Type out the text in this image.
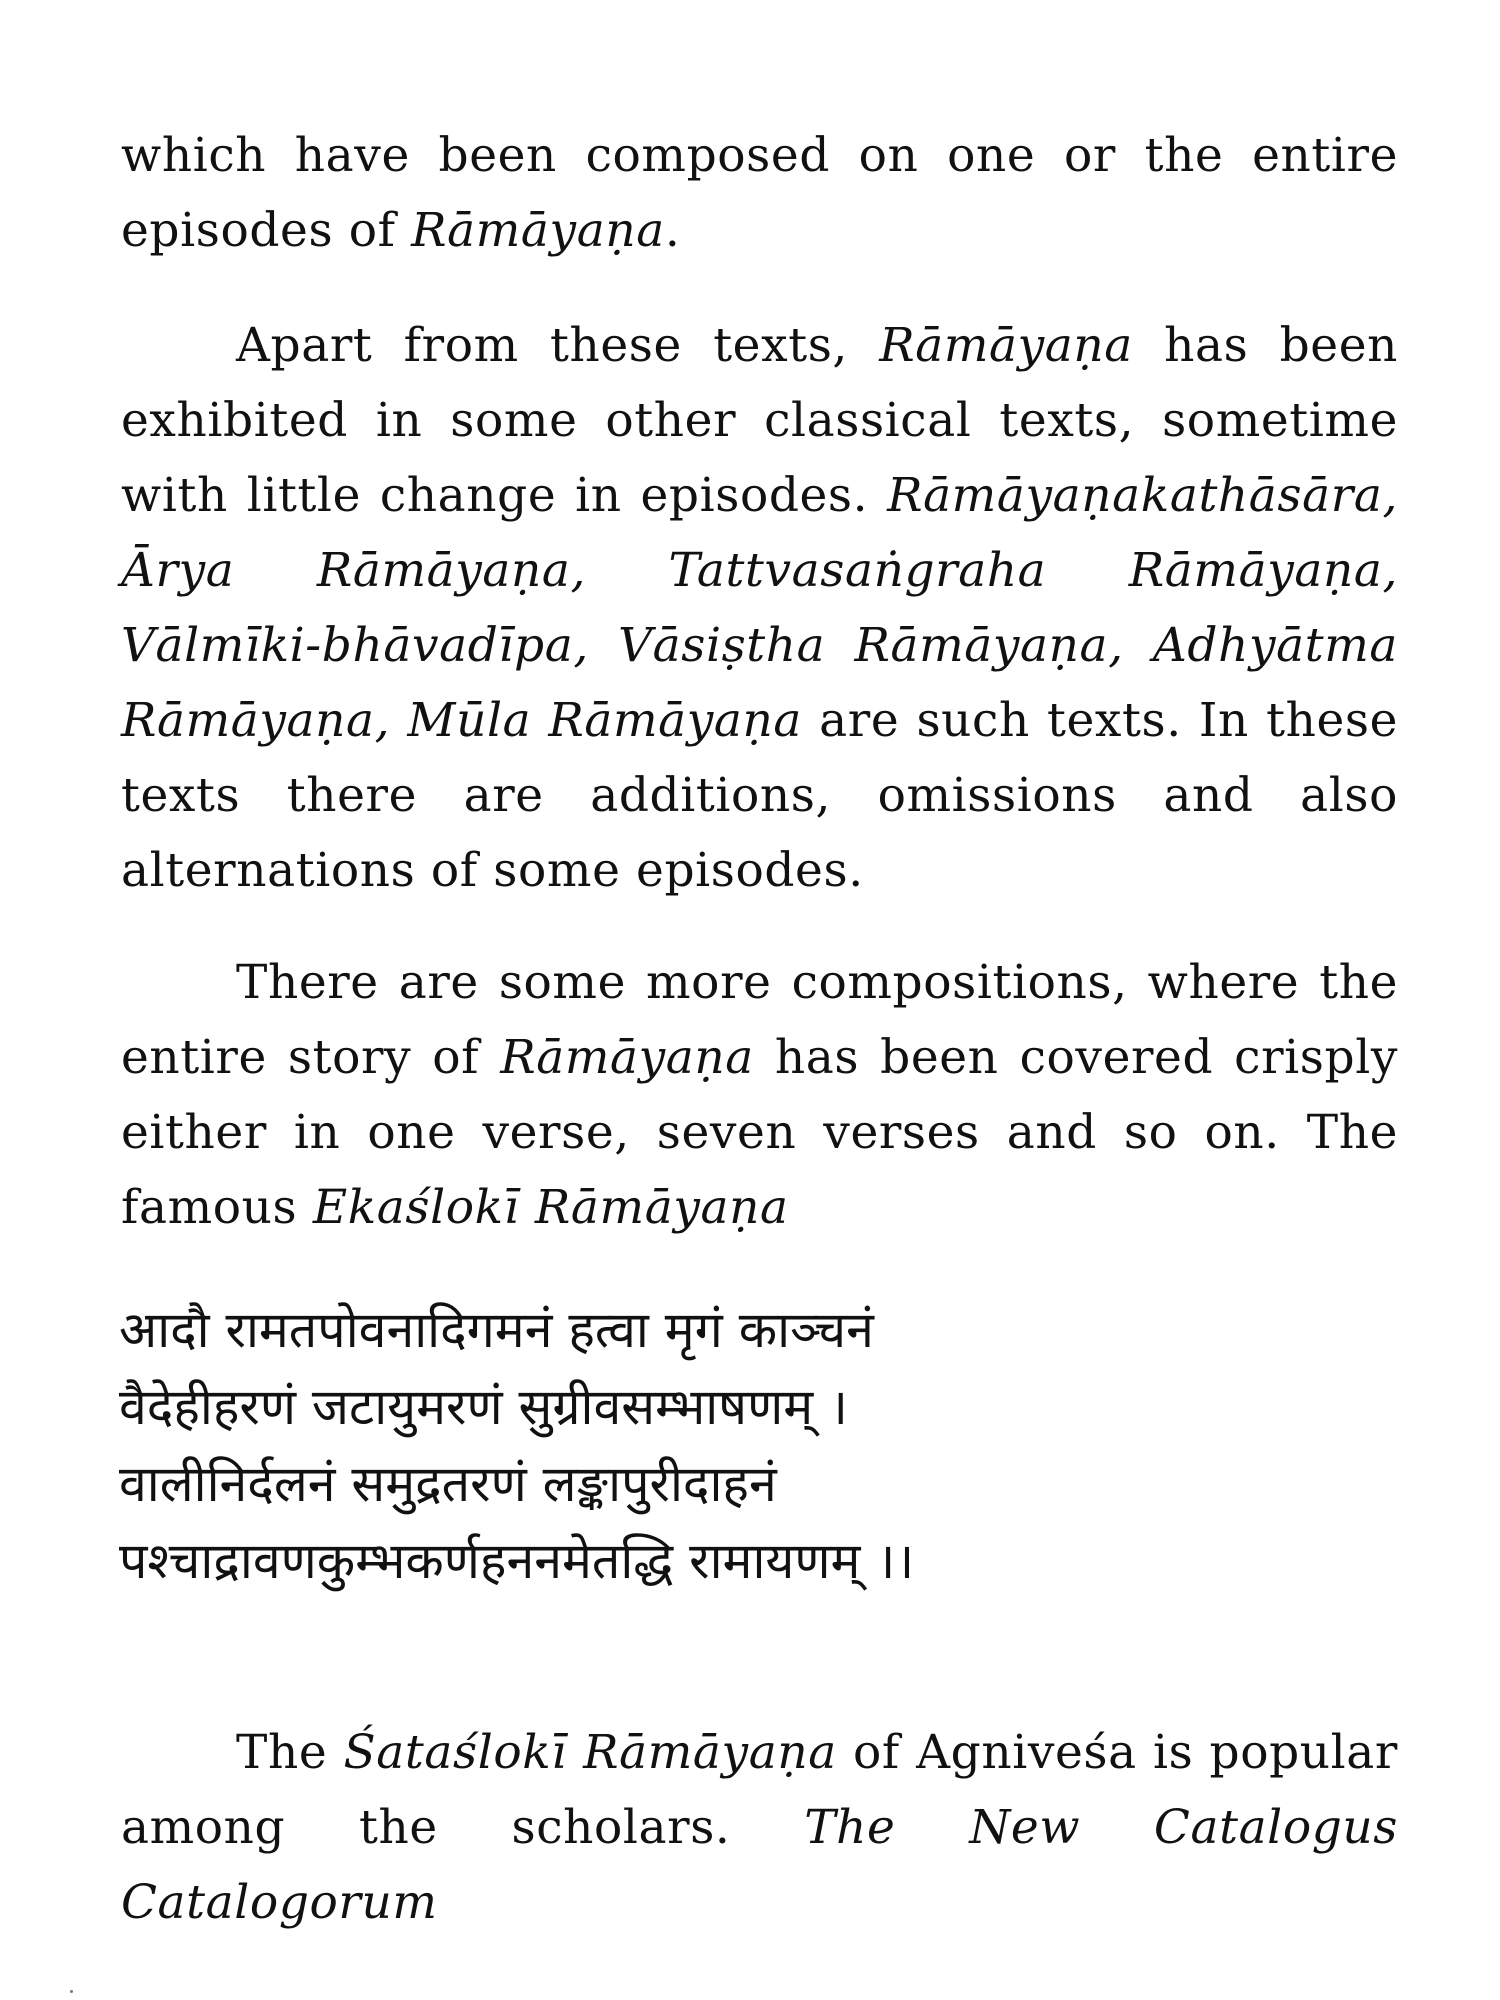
which have been composed on one or the entire episodes of Rāmāyaṇa.

Apart from these texts, Rāmāyaṇa has been exhibited in some other classical texts, sometime with little change in episodes. Rāmāyaṇakathāsāra, Ārya Rāmāyaṇa, Tattvasaṅgraha Rāmāyaṇa, Vālmīki-bhāvadīpa, Vāsiṣtha Rāmāyaṇa, Adhyātma Rāmāyaṇa, Mūla Rāmāyaṇa are such texts. In these texts there are additions, omissions and also alternations of some episodes.

There are some more compositions, where the entire story of Rāmāyaṇa has been covered crisply either in one verse, seven verses and so on. The famous Ekaślokī Rāmāyaṇa

आदौ रामतपोवनादिगमनं हत्वा मृगं काञ्चनं
वैदेहीहरणं जटायुमरणं सुग्रीवसम्भाषणम् ।
वालीनिर्दलनं समुद्रतरणं लङ्कापुरीदाहनं
पश्चाद्रावणकुम्भकर्णहननमेतद्धि रामायणम् ।।

The Śataślokī Rāmāyaṇa of Agniveśa is popular among the scholars. The New Catalogus Catalogorum
